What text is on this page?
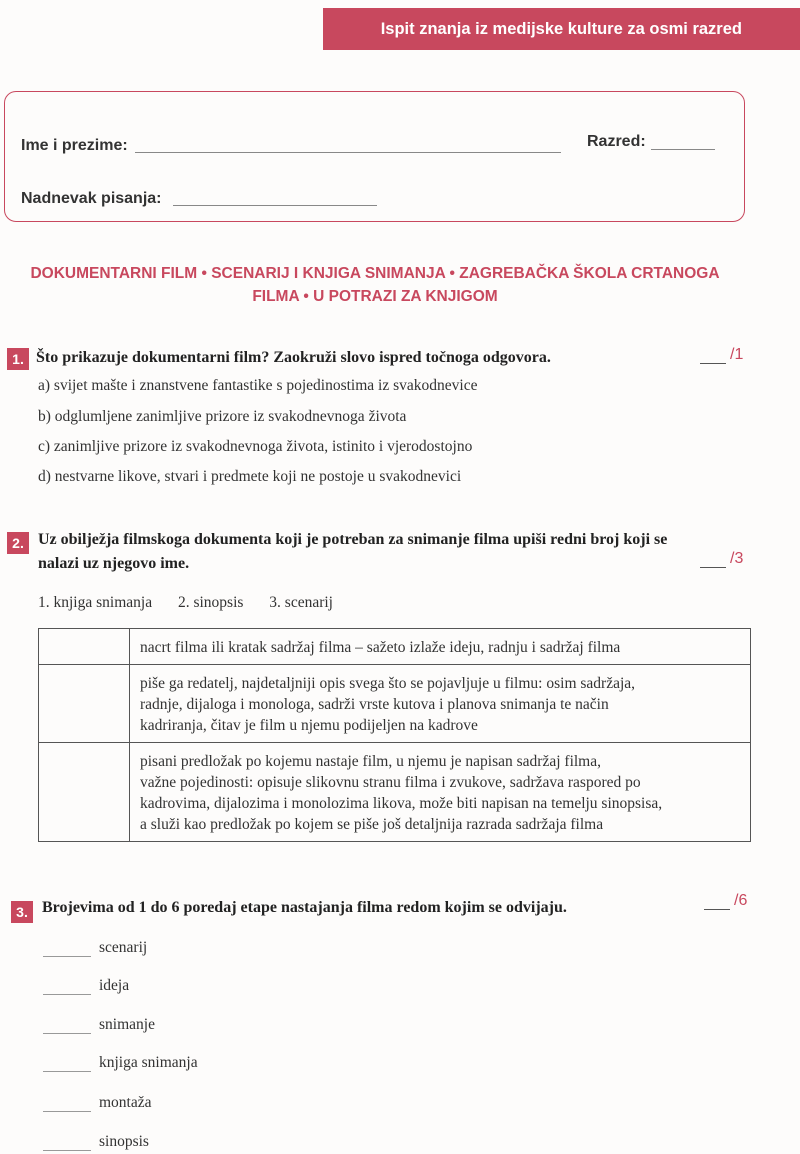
Ispit znanja iz medijske kulture za osmi razred
Ime i prezime:	Razred:
Nadnevak pisanja:
DOKUMENTARNI FILM • SCENARIJ I KNJIGA SNIMANJA • ZAGREBAČKA ŠKOLA CRTANOGA
FILMA • U POTRAZI ZA KNJIGOM
1. Što prikazuje dokumentarni film? Zaokruži slovo ispred točnoga odgovora.	/1
a) svijet mašte i znanstvene fantastike s pojedinostima iz svakodnevice
b) odglumljene zanimljive prizore iz svakodnevnoga života
c) zanimljive prizore iz svakodnevnoga života, istinito i vjerodostojno
d) nestvarne likove, stvari i predmete koji ne postoje u svakodnevici
2. Uz obilježja filmskoga dokumenta koji je potreban za snimanje filma upiši redni broj koji se
nalazi uz njegovo ime.	/3
1. knjiga snimanja 2. sinopsis 3. scenarij

	nacrt filma ili kratak sadržaj filma – sažeto izlaže ideju, radnju i sadržaj filma

	piše ga redatelj, najdetaljniji opis svega što se pojavljuje u filmu: osim sadržaja,
radnje, dijaloga i monologa, sadrži vrste kutova i planova snimanja te način
kadriranja, čitav je film u njemu podijeljen na kadrove

	pisani predložak po kojemu nastaje film, u njemu je napisan sadržaj filma,
važne pojedinosti: opisuje slikovnu stranu filma i zvukove, sadržava raspored po
kadrovima, dijalozima i monolozima likova, može biti napisan na temelju sinopsisa,
a služi kao predložak po kojem se piše još detaljnija razrada sadržaja filma
3. Brojevima od 1 do 6 poredaj etape nastajanja filma redom kojim se odvijaju.	/6
scenarij
ideja
snimanje
knjiga snimanja
montaža
sinopsis
